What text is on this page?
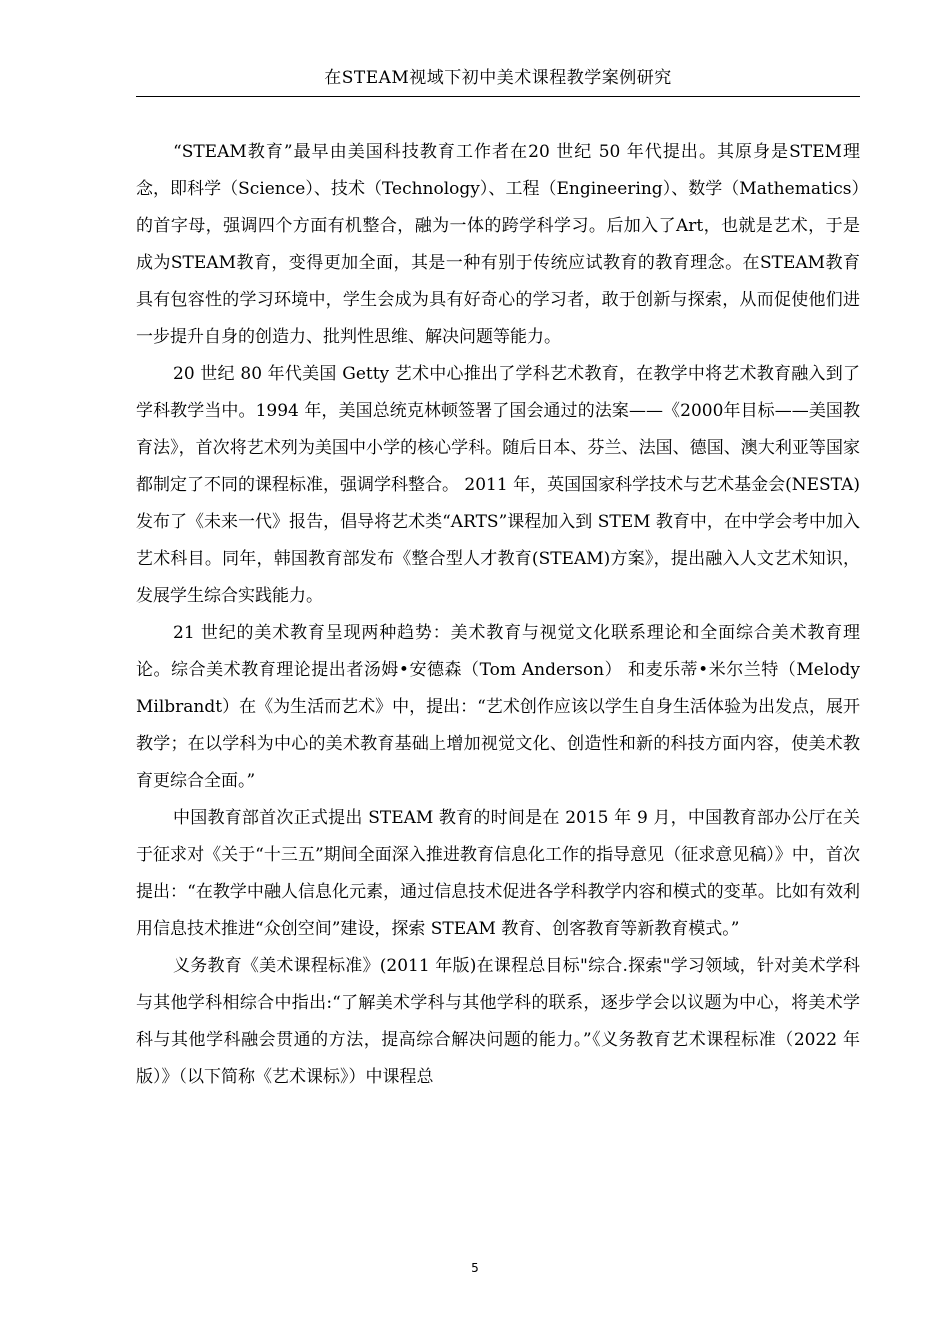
在STEAM视域下初中美术课程教学案例研究

“STEAM教育”最早由美国科技教育工作者在20 世纪 50 年代提出。其原身是STEM理念，即科学（Science）、技术（Technology）、工程（Engineering）、数学（Mathematics）的首字母，强调四个方面有机整合，融为一体的跨学科学习。后加入了Art，也就是艺术，于是成为STEAM教育，变得更加全面，其是一种有别于传统应试教育的教育理念。在STEAM教育具有包容性的学习环境中，学生会成为具有好奇心的学习者，敢于创新与探索，从而促使他们进一步提升自身的创造力、批判性思维、解决问题等能力。

20 世纪 80 年代美国 Getty 艺术中心推出了学科艺术教育，在教学中将艺术教育融入到了学科教学当中。1994 年，美国总统克林顿签署了国会通过的法案——《2000年目标——美国教育法》，首次将艺术列为美国中小学的核心学科。随后日本、芬兰、法国、德国、澳大利亚等国家都制定了不同的课程标准，强调学科整合。 2011 年，英国国家科学技术与艺术基金会(NESTA)发布了《未来一代》报告，倡导将艺术类“ARTS”课程加入到 STEM 教育中，在中学会考中加入艺术科目。同年，韩国教育部发布《整合型人才教育(STEAM)方案》，提出融入人文艺术知识，发展学生综合实践能力。

21 世纪的美术教育呈现两种趋势：美术教育与视觉文化联系理论和全面综合美术教育理论。综合美术教育理论提出者汤姆•安德森（Tom Anderson） 和麦乐蒂•米尔兰特（Melody Milbrandt）在《为生活而艺术》中，提出：“艺术创作应该以学生自身生活体验为出发点，展开教学；在以学科为中心的美术教育基础上增加视觉文化、创造性和新的科技方面内容，使美术教育更综合全面。”

中国教育部首次正式提出 STEAM 教育的时间是在 2015 年 9 月，中国教育部办公厅在关于征求对《关于“十三五”期间全面深入推进教育信息化工作的指导意见（征求意见稿）》中，首次提出：“在教学中融人信息化元素，通过信息技术促进各学科教学内容和模式的变革。比如有效利用信息技术推进“众创空间”建设，探索 STEAM 教育、创客教育等新教育模式。”

义务教育《美术课程标准》(2011 年版)在课程总目标"综合.探索"学习领域，针对美术学科与其他学科相综合中指出:“了解美术学科与其他学科的联系，逐步学会以议题为中心，将美术学科与其他学科融会贯通的方法，提高综合解决问题的能力。”《义务教育艺术课程标准（2022 年版）》（以下简称《艺术课标》）中课程总

5
